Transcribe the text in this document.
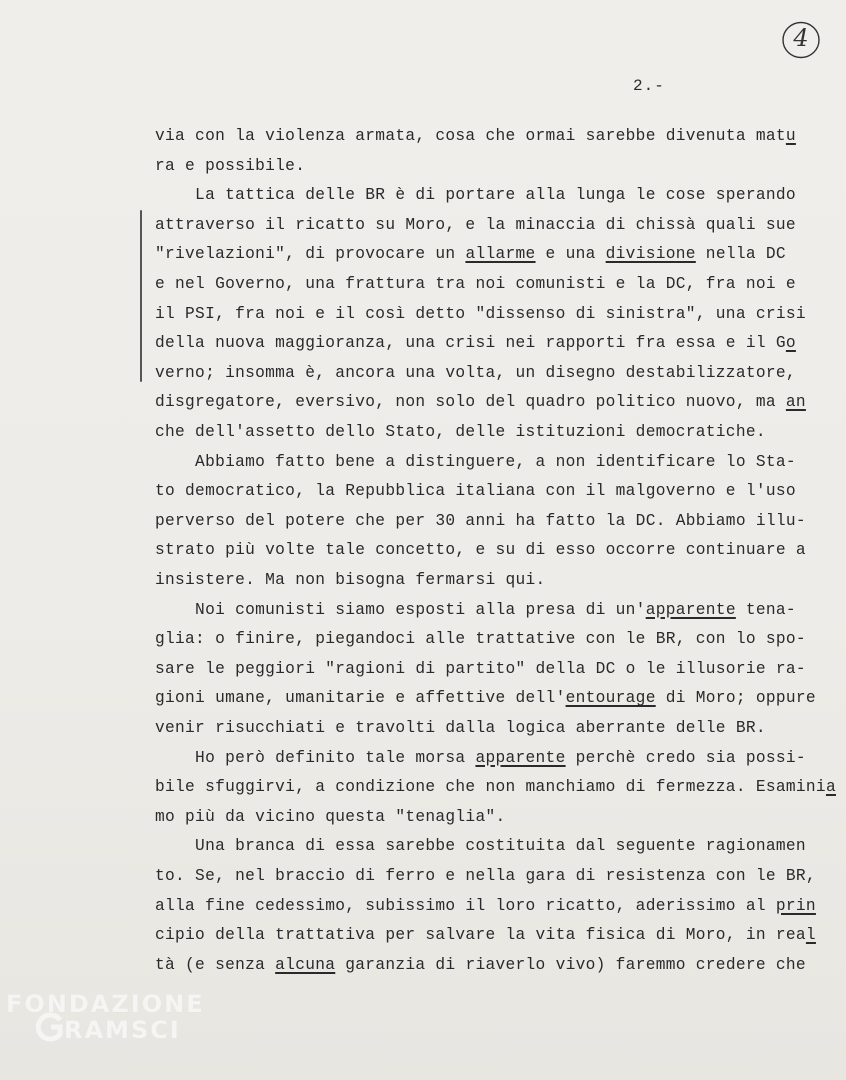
4
2.-
via con la violenza armata, cosa che ormai sarebbe divenuta matu
ra e possibile.
La tattica delle BR è di portare alla lunga le cose sperando
attraverso il ricatto su Moro, e la minaccia di chissà quali sue
"rivelazioni", di provocare un allarme e una divisione nella DC
e nel Governo, una frattura tra noi comunisti e la DC, fra noi e
il PSI, fra noi e il così detto "dissenso di sinistra", una crisi
della nuova maggioranza, una crisi nei rapporti fra essa e il Go
verno; insomma è, ancora una volta, un disegno destabilizzatore,
disgregatore, eversivo, non solo del quadro politico nuovo, ma an
che dell'assetto dello Stato, delle istituzioni democratiche.
Abbiamo fatto bene a distinguere, a non identificare lo Sta-
to democratico, la Repubblica italiana con il malgoverno e l'uso
perverso del potere che per 30 anni ha fatto la DC. Abbiamo illu-
strato più volte tale concetto, e su di esso occorre continuare a
insistere. Ma non bisogna fermarsi qui.
Noi comunisti siamo esposti alla presa di un'apparente tena-
glia: o finire, piegandoci alle trattative con le BR, con lo spo-
sare le peggiori "ragioni di partito" della DC o le illusorie ra-
gioni umane, umanitarie e affettive dell'entourage di Moro; oppure
venir risucchiati e travolti dalla logica aberrante delle BR.
Ho però definito tale morsa apparente perchè credo sia possi-
bile sfuggirvi, a condizione che non manchiamo di fermezza. Esaminia
mo più da vicino questa "tenaglia".
Una branca di essa sarebbe costituita dal seguente ragionamen
to. Se, nel braccio di ferro e nella gara di resistenza con le BR,
alla fine cedessimo, subissimo il loro ricatto, aderissimo al prin
cipio della trattativa per salvare la vita fisica di Moro, in real
tà (e senza alcuna garanzia di riaverlo vivo) faremmo credere che
FONDAZIONE
RAMSCI
